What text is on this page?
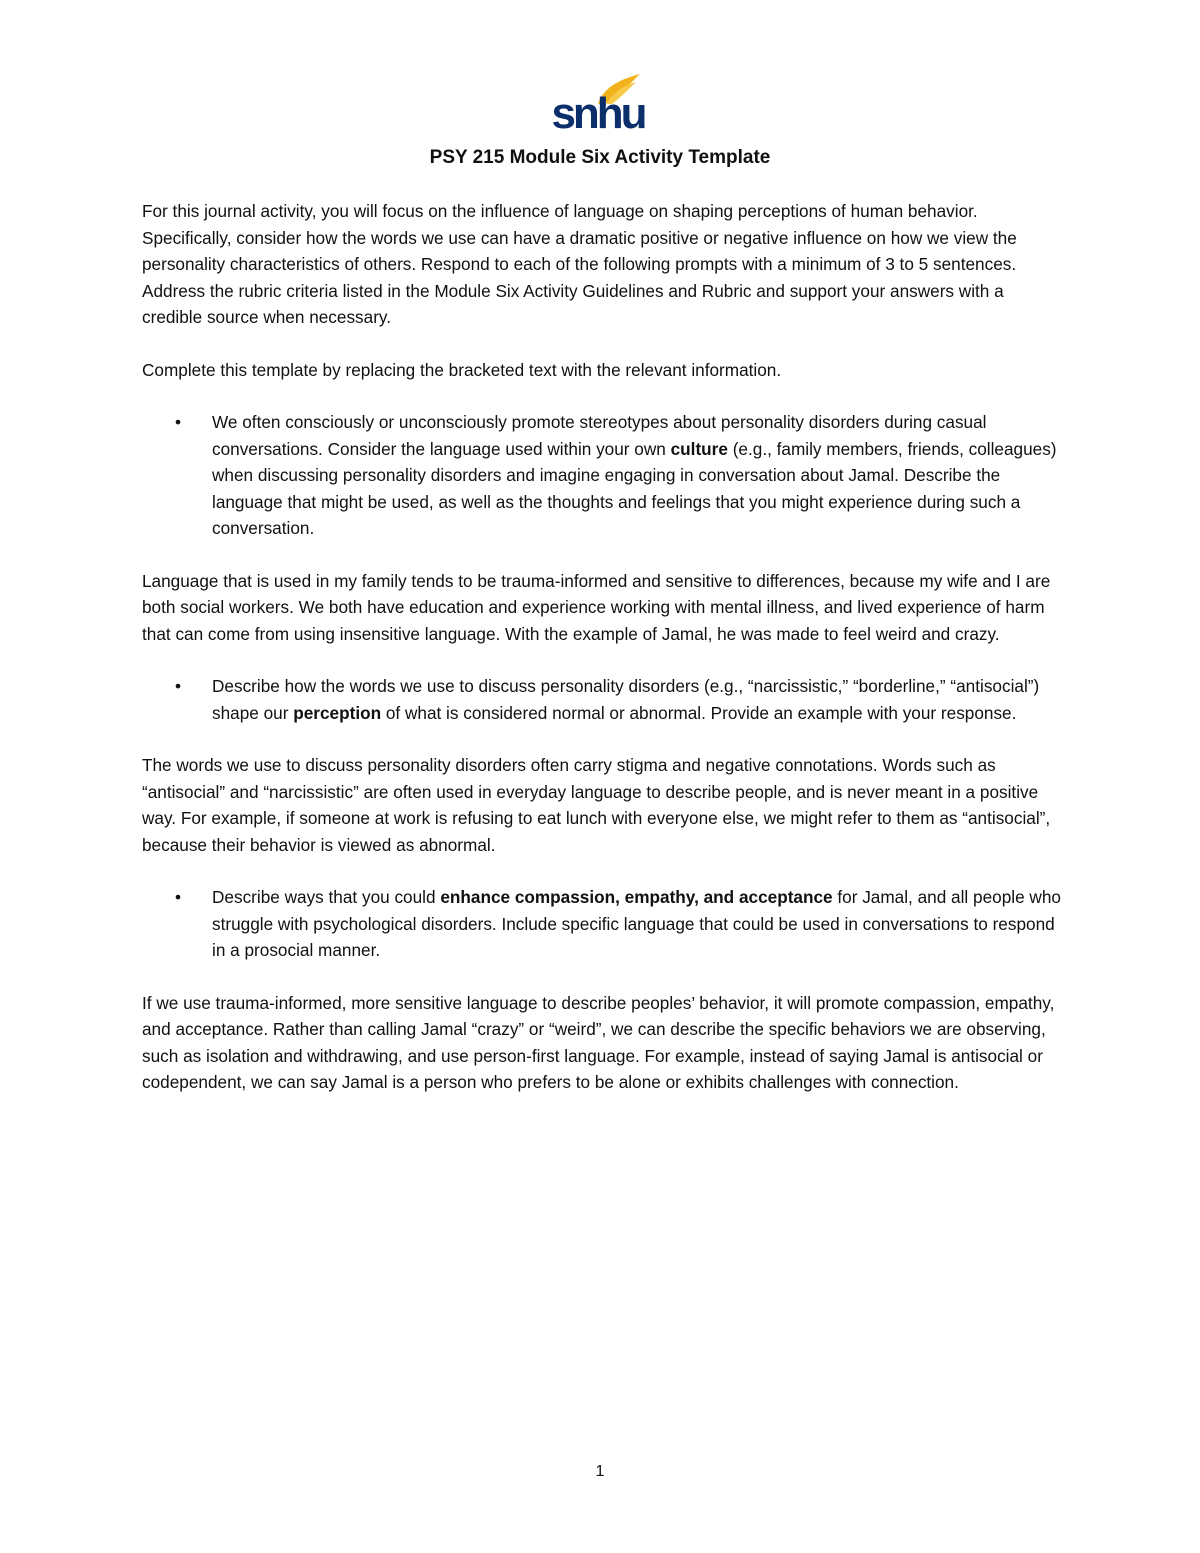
snhu
PSY 215 Module Six Activity Template

For this journal activity, you will focus on the influence of language on shaping perceptions of human behavior. Specifically, consider how the words we use can have a dramatic positive or negative influence on how we view the personality characteristics of others. Respond to each of the following prompts with a minimum of 3 to 5 sentences. Address the rubric criteria listed in the Module Six Activity Guidelines and Rubric and support your answers with a credible source when necessary.

Complete this template by replacing the bracketed text with the relevant information.

• We often consciously or unconsciously promote stereotypes about personality disorders during casual conversations. Consider the language used within your own culture (e.g., family members, friends, colleagues) when discussing personality disorders and imagine engaging in conversation about Jamal. Describe the language that might be used, as well as the thoughts and feelings that you might experience during such a conversation.

Language that is used in my family tends to be trauma-informed and sensitive to differences, because my wife and I are both social workers. We both have education and experience working with mental illness, and lived experience of harm that can come from using insensitive language. With the example of Jamal, he was made to feel weird and crazy.

• Describe how the words we use to discuss personality disorders (e.g., “narcissistic,” “borderline,” “antisocial”) shape our perception of what is considered normal or abnormal. Provide an example with your response.

The words we use to discuss personality disorders often carry stigma and negative connotations. Words such as “antisocial” and “narcissistic” are often used in everyday language to describe people, and is never meant in a positive way. For example, if someone at work is refusing to eat lunch with everyone else, we might refer to them as “antisocial”, because their behavior is viewed as abnormal.

• Describe ways that you could enhance compassion, empathy, and acceptance for Jamal, and all people who struggle with psychological disorders. Include specific language that could be used in conversations to respond in a prosocial manner.

If we use trauma-informed, more sensitive language to describe peoples’ behavior, it will promote compassion, empathy, and acceptance. Rather than calling Jamal “crazy” or “weird”, we can describe the specific behaviors we are observing, such as isolation and withdrawing, and use person-first language. For example, instead of saying Jamal is antisocial or codependent, we can say Jamal is a person who prefers to be alone or exhibits challenges with connection.

1
